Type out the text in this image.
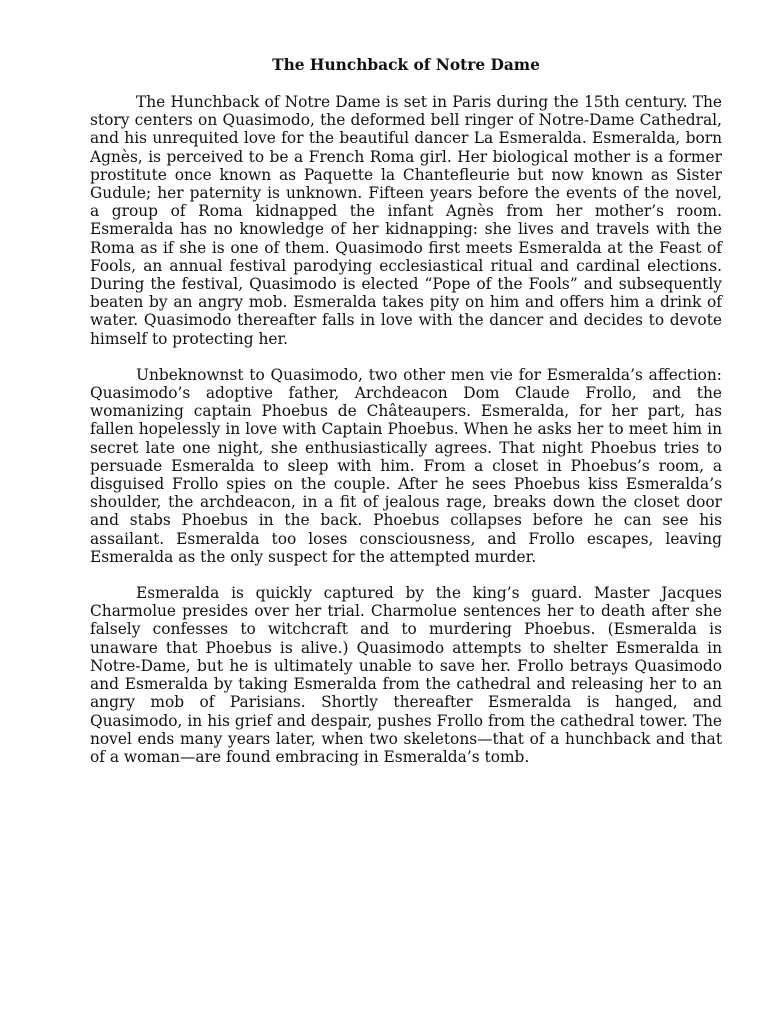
The Hunchback of Notre Dame

The Hunchback of Notre Dame is set in Paris during the 15th century. The story centers on Quasimodo, the deformed bell ringer of Notre-Dame Cathedral, and his unrequited love for the beautiful dancer La Esmeralda. Esmeralda, born Agnès, is perceived to be a French Roma girl. Her biological mother is a former prostitute once known as Paquette la Chantefleurie but now known as Sister Gudule; her paternity is unknown. Fifteen years before the events of the novel, a group of Roma kidnapped the infant Agnès from her mother’s room. Esmeralda has no knowledge of her kidnapping: she lives and travels with the Roma as if she is one of them. Quasimodo first meets Esmeralda at the Feast of Fools, an annual festival parodying ecclesiastical ritual and cardinal elections. During the festival, Quasimodo is elected “Pope of the Fools” and subsequently beaten by an angry mob. Esmeralda takes pity on him and offers him a drink of water. Quasimodo thereafter falls in love with the dancer and decides to devote himself to protecting her.

Unbeknownst to Quasimodo, two other men vie for Esmeralda’s affection: Quasimodo’s adoptive father, Archdeacon Dom Claude Frollo, and the womanizing captain Phoebus de Châteaupers. Esmeralda, for her part, has fallen hopelessly in love with Captain Phoebus. When he asks her to meet him in secret late one night, she enthusiastically agrees. That night Phoebus tries to persuade Esmeralda to sleep with him. From a closet in Phoebus’s room, a disguised Frollo spies on the couple. After he sees Phoebus kiss Esmeralda’s shoulder, the archdeacon, in a fit of jealous rage, breaks down the closet door and stabs Phoebus in the back. Phoebus collapses before he can see his assailant. Esmeralda too loses consciousness, and Frollo escapes, leaving Esmeralda as the only suspect for the attempted murder.

Esmeralda is quickly captured by the king’s guard. Master Jacques Charmolue presides over her trial. Charmolue sentences her to death after she falsely confesses to witchcraft and to murdering Phoebus. (Esmeralda is unaware that Phoebus is alive.) Quasimodo attempts to shelter Esmeralda in Notre-Dame, but he is ultimately unable to save her. Frollo betrays Quasimodo and Esmeralda by taking Esmeralda from the cathedral and releasing her to an angry mob of Parisians. Shortly thereafter Esmeralda is hanged, and Quasimodo, in his grief and despair, pushes Frollo from the cathedral tower. The novel ends many years later, when two skeletons—that of a hunchback and that of a woman—are found embracing in Esmeralda’s tomb.
